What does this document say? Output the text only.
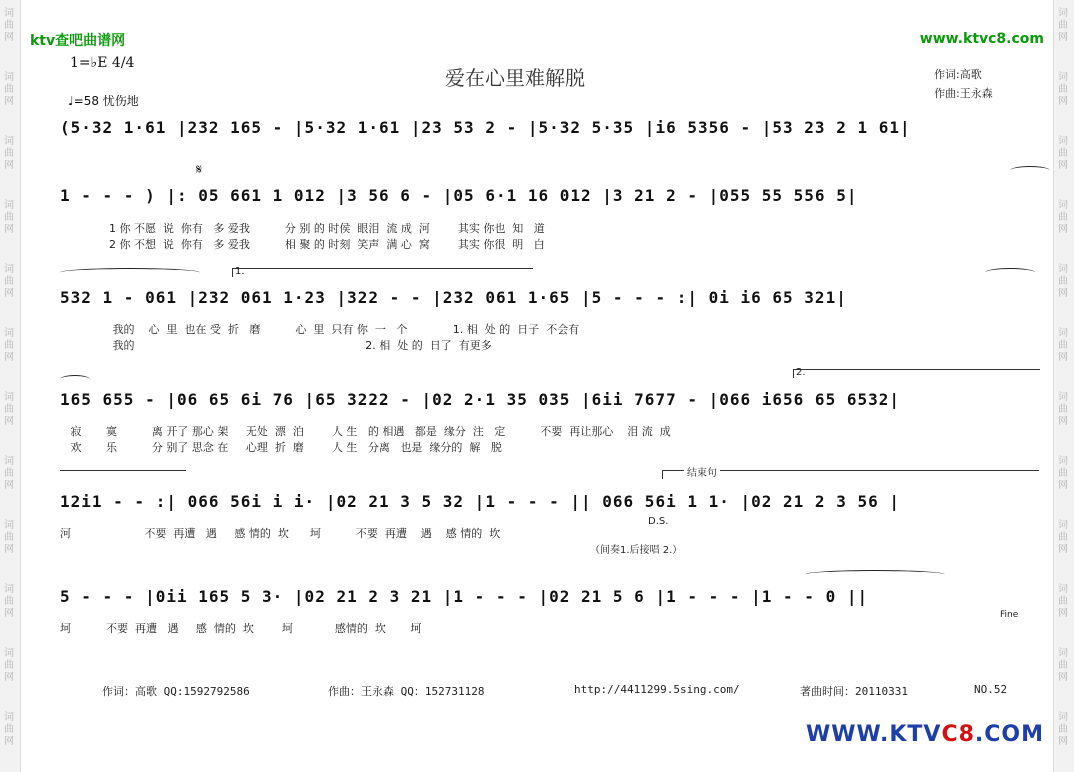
词曲网
词曲网
词曲网
词曲网
词曲网
词曲网
词曲网
词曲网
词曲网
词曲网
词曲网
词曲网
词曲网
词曲网
词曲网
词曲网
词曲网
词曲网
词曲网
词曲网
词曲网
词曲网
词曲网
词曲网
ktv查吧曲谱网	www.ktvc8.com
1=♭E 4/4
♩=58 忧伤地
爱在心里难解脱	作词:高歌
作曲:王永森
(5·32 1·61 |232 165 - |5·32 1·61 |23 53 2 - |5·32 5·35 |i6 5356 - |53 23 2 1 61|
𝄋
1 - - - ) |: 05 661 1 012 |3 56 6 - |05 6·1 16 012 |3 21 2 - |055 55 556 5|
1 你 不愿  说  你有   多 爱我          分 别 的 时侯  眼泪  流 成  河        其实 你也  知   道
2 你 不想  说  你有   多 爱我          相 聚 的 时刻  笑声  满 心  窝        其实 你很  明   白
1.
532 1 - 061 |232 061 1·23 |322 - - |232 061 1·65 |5 - - - :| 0i i6 65 321|
我的    心  里  也在 受  折   磨          心  里  只有 你  一   个             1. 相  处 的  日子  不会有
我的                                                                  2. 相  处 的  日了  有更多
2.
165 655 - |06 65 6i 76 |65 3222 - |02 2·1 35 035 |6ii 7677 - |066 i656 65 6532|
寂       寞          离 开了 那心 架     无处  漂  泊        人 生   的 相遇   都是  缘分  注   定          不要  再让那心    泪 流  成
欢       乐          分 别了 思念 在     心理  折  磨        人 生   分离   也是  缘分的  解   脱
结束句
12i1 - - :| 066 56i i i· |02 21 3 5 32 |1 - - - || 066 56i 1 1· |02 21 2 3 56 |
河                     不要  再遭   遇     感 情的  坎      坷          不要  再遭    遇    感 情的  坎
D.S.
（间奏1.后接唱 2.）
5 - - - |0ii 165 5 3· |02 21 2 3 21 |1 - - - |02 21 5 6 |1 - - - |1 - - 0 ||
坷          不要  再遭   遇     感  情的  坎        坷            感情的  坎       坷
Fine
作词：高歌 QQ:1592792586	作曲：王永森 QQ：152731128	http://4411299.5sing.com/	著曲时间：20110331	NO.52
WWW.KTVC8.COM
